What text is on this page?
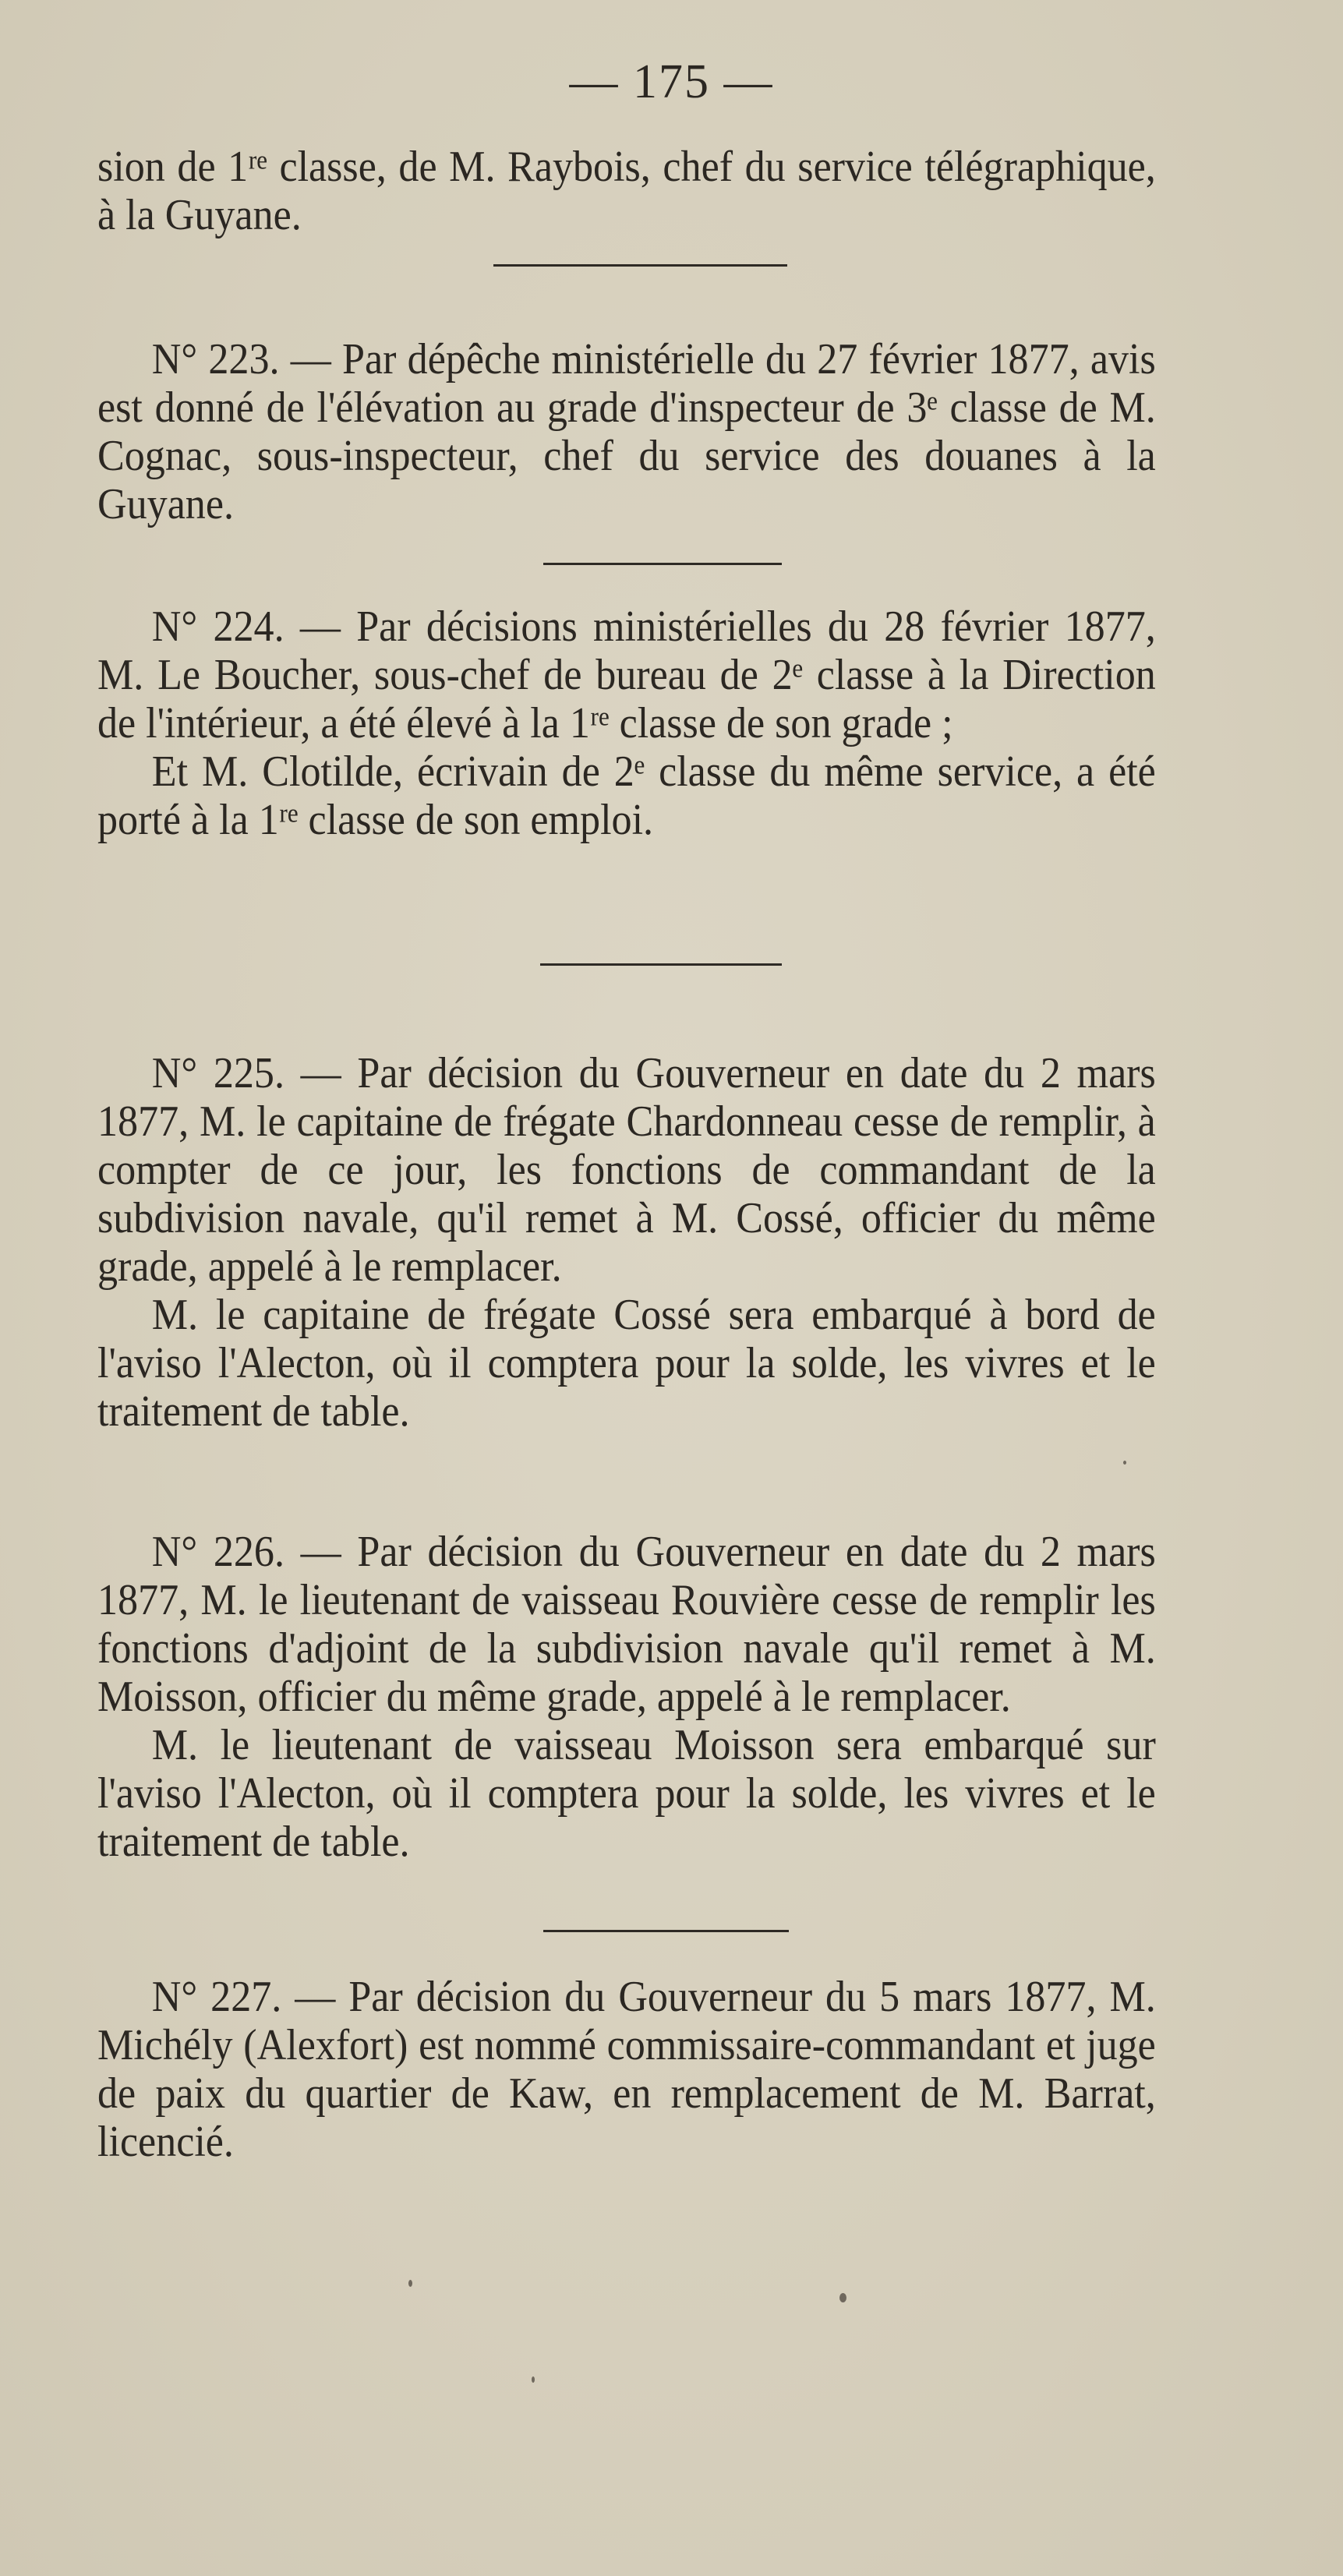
— 175 —

sion de 1ʳᵉ classe, de M. Raybois, chef du service télégraphique, à la Guyane.

N° 223. — Par dépêche ministérielle du 27 février 1877, avis est donné de l'élévation au grade d'inspecteur de 3ᵉ classe de M. Cognac, sous-inspecteur, chef du service des douanes à la Guyane.

N° 224. — Par décisions ministérielles du 28 février 1877, M. Le Boucher, sous-chef de bureau de 2ᵉ classe à la Direction de l'intérieur, a été élevé à la 1ʳᵉ classe de son grade ;

Et M. Clotilde, écrivain de 2ᵉ classe du même service, a été porté à la 1ʳᵉ classe de son emploi.

N° 225. — Par décision du Gouverneur en date du 2 mars 1877, M. le capitaine de frégate Chardonneau cesse de remplir, à compter de ce jour, les fonctions de commandant de la subdivision navale, qu'il remet à M. Cossé, officier du même grade, appelé à le remplacer.

M. le capitaine de frégate Cossé sera embarqué à bord de l'aviso l'Alecton, où il comptera pour la solde, les vivres et le traitement de table.

N° 226. — Par décision du Gouverneur en date du 2 mars 1877, M. le lieutenant de vaisseau Rouvière cesse de remplir les fonctions d'adjoint de la subdivision navale qu'il remet à M. Moisson, officier du même grade, appelé à le remplacer.

M. le lieutenant de vaisseau Moisson sera embarqué sur l'aviso l'Alecton, où il comptera pour la solde, les vivres et le traitement de table.

N° 227. — Par décision du Gouverneur du 5 mars 1877, M. Michély (Alexfort) est nommé commissaire-commandant et juge de paix du quartier de Kaw, en remplacement de M. Barrat, licencié.
